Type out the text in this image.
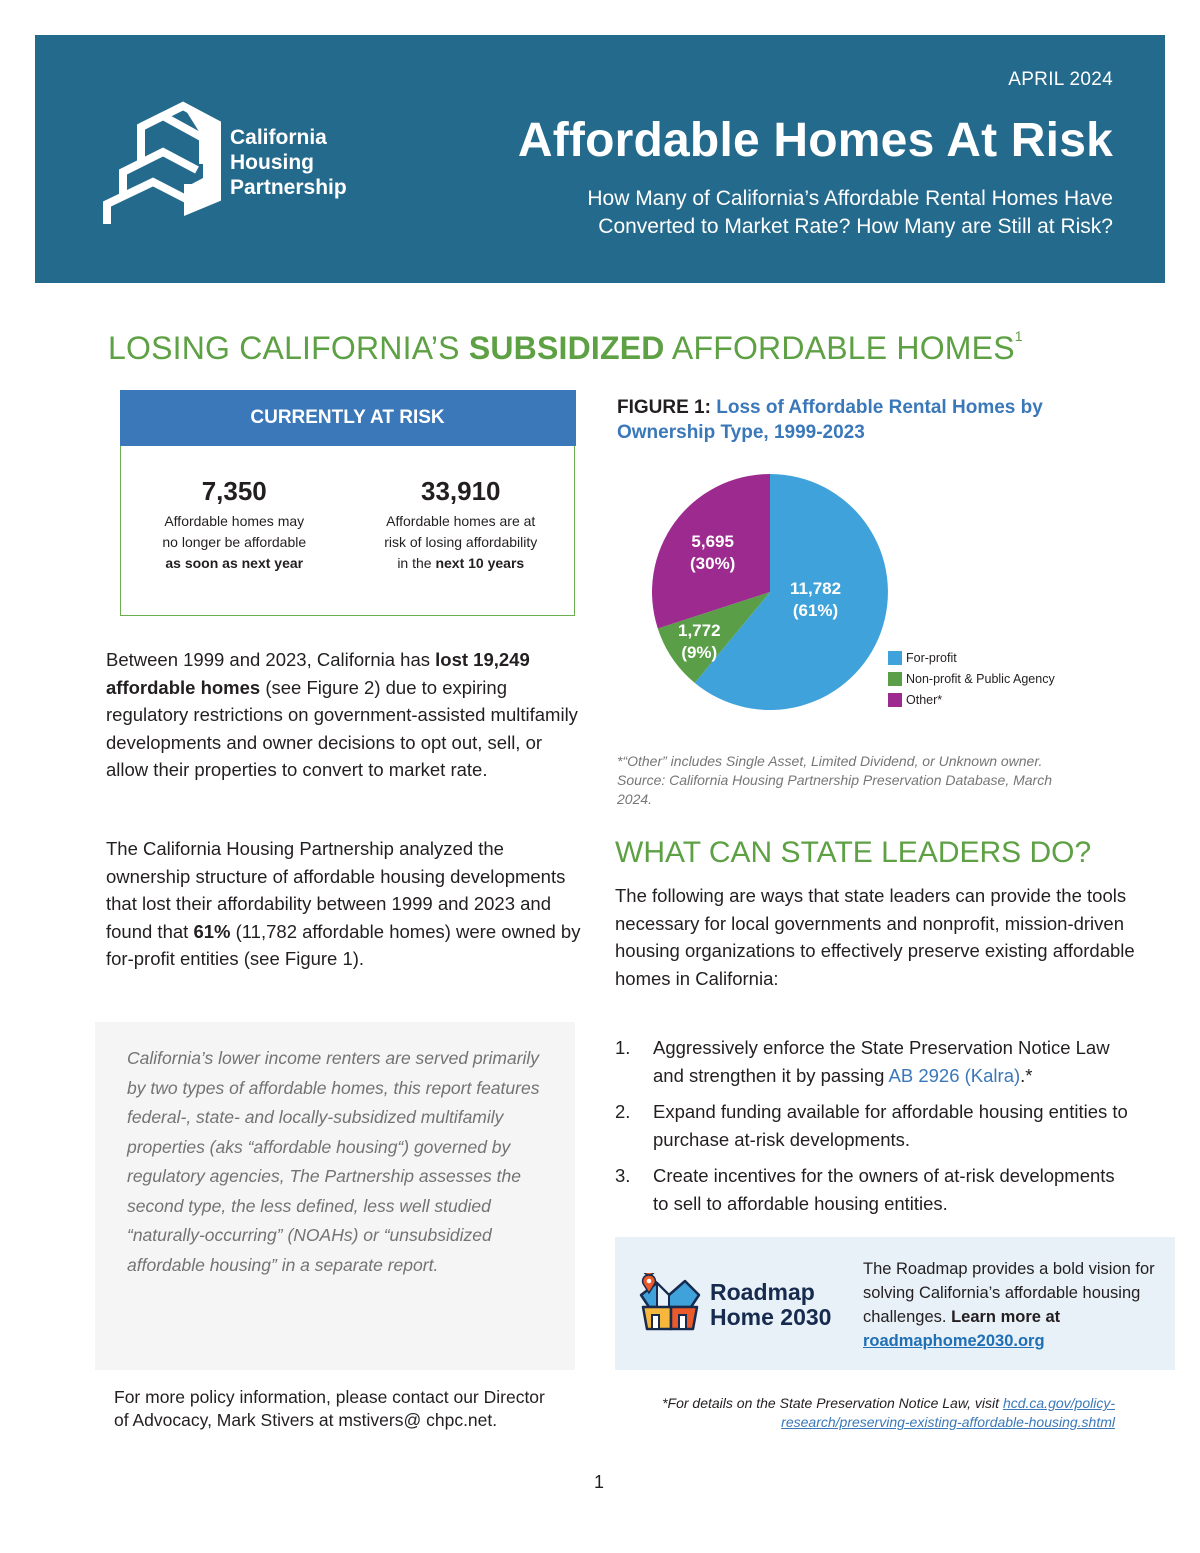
California
Housing
Partnership
APRIL 2024
Affordable Homes At Risk
How Many of California’s Affordable Rental Homes Have
Converted to Market Rate? How Many are Still at Risk?
LOSING CALIFORNIA’S SUBSIDIZED AFFORDABLE HOMES$^1$
CURRENTLY AT RISK
7,350
Affordable homes may
no longer be affordable
as soon as next year
33,910
Affordable homes are at
risk of losing affordability
in the next 10 years

Between 1999 and 2023, California has lost 19,249 affordable homes (see Figure 2) due to expiring regulatory restrictions on government-assisted multifamily developments and owner decisions to opt out, sell, or allow their properties to convert to market rate.

The California Housing Partnership analyzed the ownership structure of affordable housing developments that lost their affordability between 1999 and 2023 and found that 61% (11,782 affordable homes) were owned by for-profit entities (see Figure 1).

California’s lower income renters are served primarily by two types of affordable homes, this report features federal-, state- and locally-subsidized multifamily properties (aks “affordable housing“) governed by regulatory agencies, The Partnership assesses the second type, the less defined, less well studied “naturally-occurring” (NOAHs) or “unsubsidized affordable housing” in a separate report.

For more policy information, please contact our Director of Advocacy, Mark Stivers at mstivers@ chpc.net.

FIGURE 1: Loss of Affordable Rental Homes by Ownership Type, 1999-2023
11,782
(61%)
1,772
(9%)
5,695
(30%)
For-profit
Non-profit & Public Agency
Other*

*“Other” includes Single Asset, Limited Dividend, or Unknown owner. Source: California Housing Partnership Preservation Database, March 2024.

WHAT CAN STATE LEADERS DO?

The following are ways that state leaders can provide the tools necessary for local governments and nonprofit, mission-driven housing organizations to effectively preserve existing affordable homes in California:

1.	Aggressively enforce the State Preservation Notice Law and strengthen it by passing AB 2926 (Kalra).*
2.	Expand funding available for affordable housing entities to purchase at-risk developments.
3.	Create incentives for the owners of at-risk developments to sell to affordable housing entities.
Roadmap
Home 2030

The Roadmap provides a bold vision for solving California’s affordable housing challenges. Learn more at
roadmaphome2030.org

*For details on the State Preservation Notice Law, visit hcd.ca.gov/policy-research/preserving-existing-affordable-housing.shtml

1
